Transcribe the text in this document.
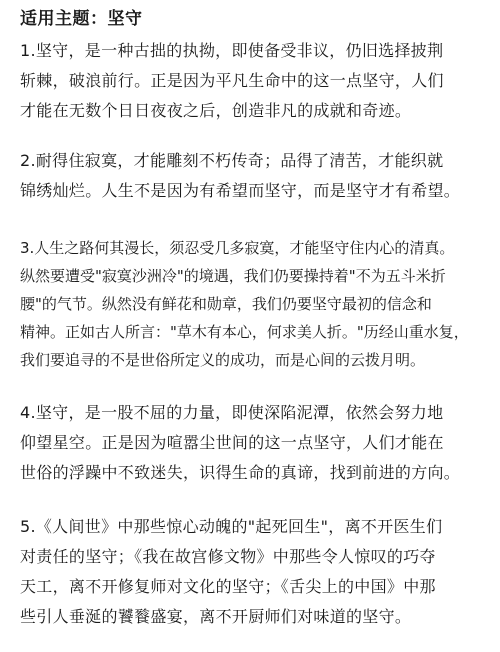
适用主题：坚守
1.坚守，是一种古拙的执拗，即使备受非议，仍旧选择披荆
斩棘，破浪前行。正是因为平凡生命中的这一点坚守，人们
才能在无数个日日夜夜之后，创造非凡的成就和奇迹。
2.耐得住寂寞，才能雕刻不朽传奇；品得了清苦，才能织就
锦绣灿烂。人生不是因为有希望而坚守，而是坚守才有希望。
3.人生之路何其漫长，须忍受几多寂寞，才能坚守住内心的清真。
纵然要遭受"寂寞沙洲冷"的境遇，我们仍要操持着"不为五斗米折
腰"的气节。纵然没有鲜花和勋章，我们仍要坚守最初的信念和
精神。正如古人所言："草木有本心，何求美人折。"历经山重水复，
我们要追寻的不是世俗所定义的成功，而是心间的云拨月明。
4.坚守，是一股不屈的力量，即使深陷泥潭，依然会努力地
仰望星空。正是因为喧嚣尘世间的这一点坚守，人们才能在
世俗的浮躁中不致迷失，识得生命的真谛，找到前进的方向。
5.《人间世》中那些惊心动魄的"起死回生"，离不开医生们
对责任的坚守；《我在故宫修文物》中那些令人惊叹的巧夺
天工，离不开修复师对文化的坚守；《舌尖上的中国》中那
些引人垂涎的饕餮盛宴，离不开厨师们对味道的坚守。
